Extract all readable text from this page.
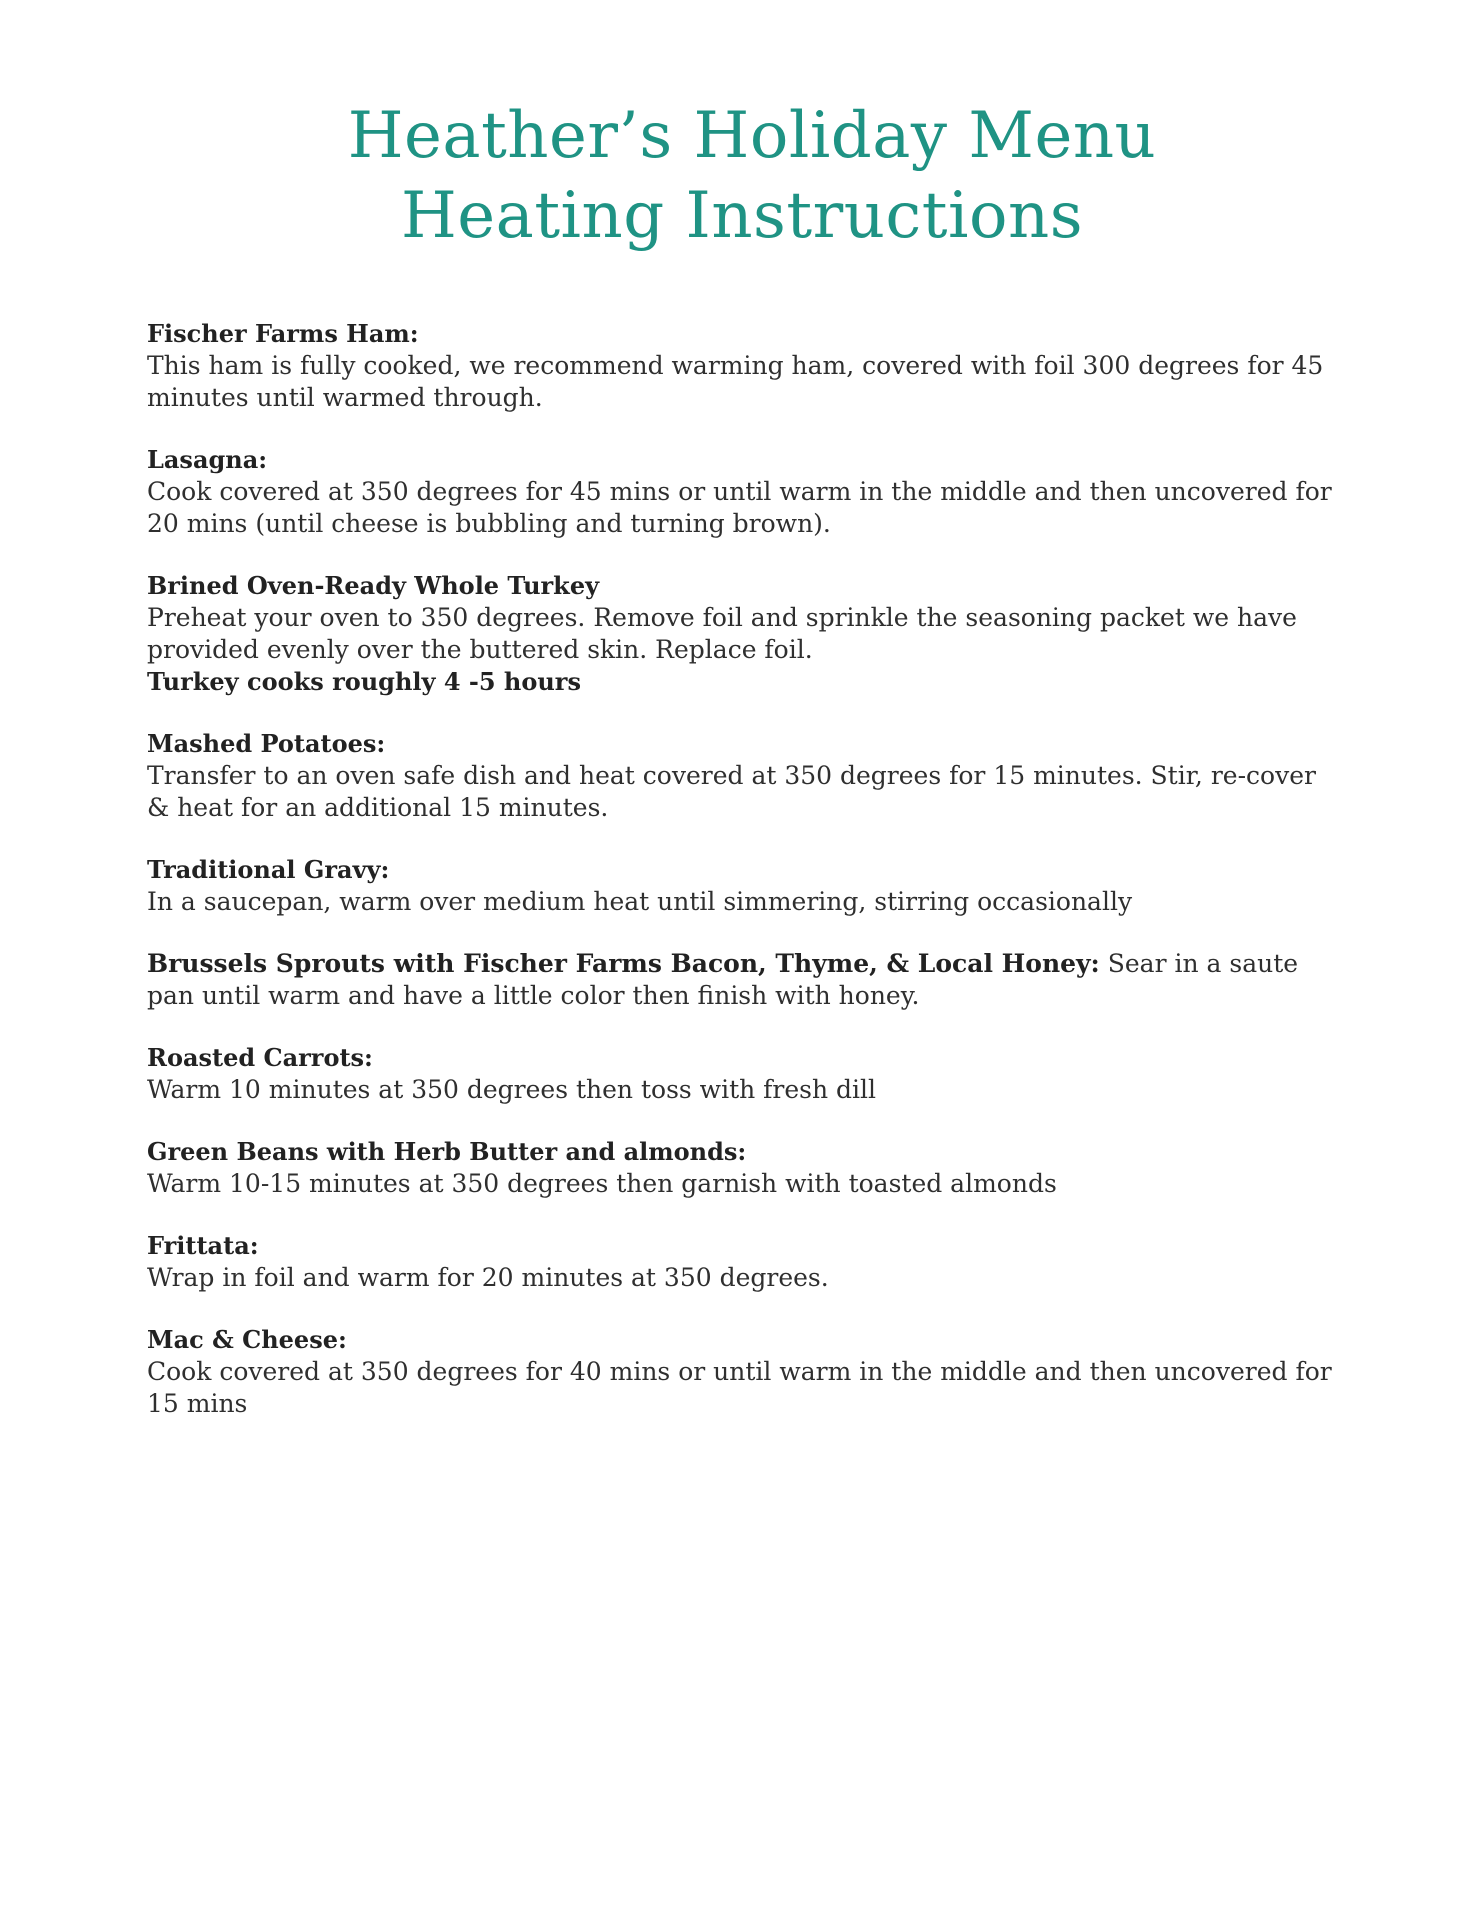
Heather’s Holiday Menu
Heating Instructions
Fischer Farms Ham:
This ham is fully cooked, we recommend warming ham, covered with foil 300 degrees for 45 minutes until warmed through.
Lasagna:
Cook covered at 350 degrees for 45 mins or until warm in the middle and then uncovered for 20 mins (until cheese is bubbling and turning brown).
Brined Oven-Ready Whole Turkey
Preheat your oven to 350 degrees. Remove foil and sprinkle the seasoning packet we have provided evenly over the buttered skin. Replace foil.
Turkey cooks roughly 4 -5 hours
Mashed Potatoes:
Transfer to an oven safe dish and heat covered at 350 degrees for 15 minutes. Stir, re-cover & heat for an additional 15 minutes.
Traditional Gravy:
In a saucepan, warm over medium heat until simmering, stirring occasionally
Brussels Sprouts with Fischer Farms Bacon, Thyme, & Local Honey: Sear in a saute pan until warm and have a little color then finish with honey.
Roasted Carrots:
Warm 10 minutes at 350 degrees then toss with fresh dill
Green Beans with Herb Butter and almonds:
Warm 10-15 minutes at 350 degrees then garnish with toasted almonds
Frittata:
Wrap in foil and warm for 20 minutes at 350 degrees.
Mac & Cheese:
Cook covered at 350 degrees for 40 mins or until warm in the middle and then uncovered for 15 mins
